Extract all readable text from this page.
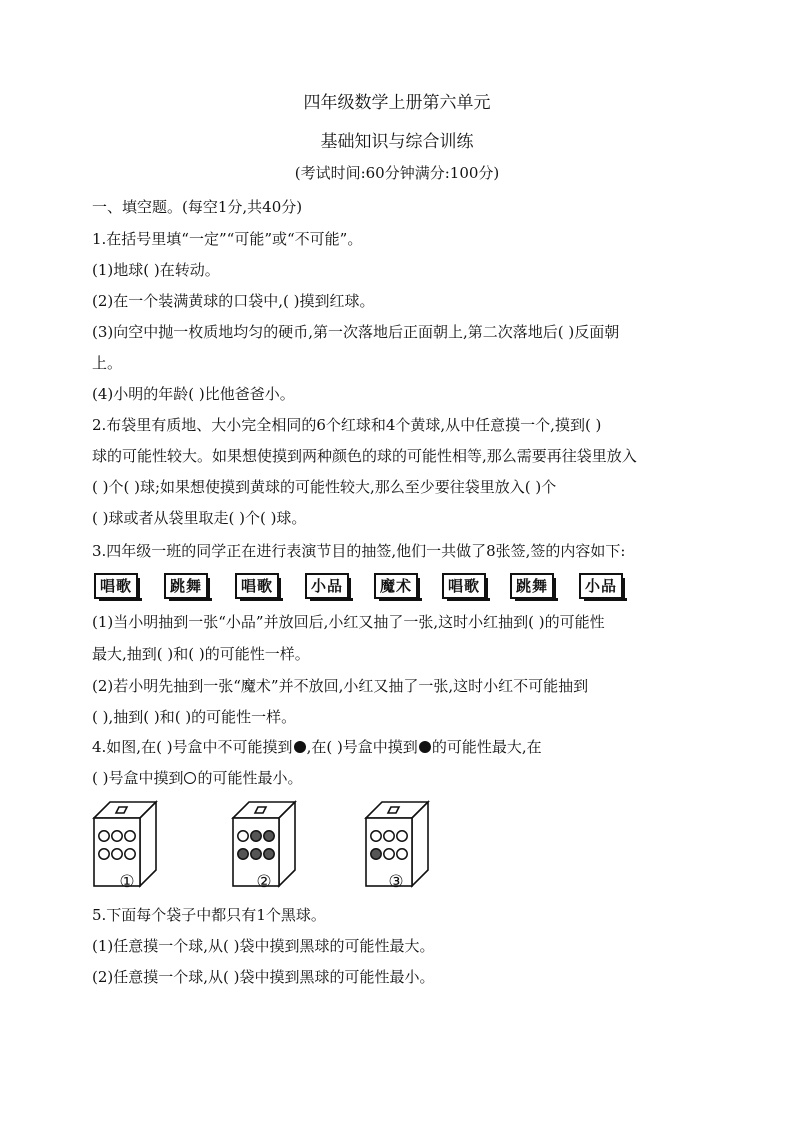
四年级数学上册第六单元
基础知识与综合训练
(考试时间:60分钟满分:100分)
一、填空题。(每空1分,共40分)
1.在括号里填“一定”“可能”或“不可能”。
(1)地球( )在转动。
(2)在一个装满黄球的口袋中,( )摸到红球。
(3)向空中抛一枚质地均匀的硬币,第一次落地后正面朝上,第二次落地后( )反面朝
上。
(4)小明的年龄( )比他爸爸小。
2.布袋里有质地、大小完全相同的6个红球和4个黄球,从中任意摸一个,摸到( )
球的可能性较大。如果想使摸到两种颜色的球的可能性相等,那么需要再往袋里放入
( )个( )球;如果想使摸到黄球的可能性较大,那么至少要往袋里放入( )个
( )球或者从袋里取走( )个( )球。
3.四年级一班的同学正在进行表演节目的抽签,他们一共做了8张签,签的内容如下:
唱歌	跳舞	唱歌	小品	魔术	唱歌	跳舞	小品
(1)当小明抽到一张“小品”并放回后,小红又抽了一张,这时小红抽到( )的可能性
最大,抽到( )和( )的可能性一样。
(2)若小明先抽到一张“魔术”并不放回,小红又抽了一张,这时小红不可能抽到
( ),抽到( )和( )的可能性一样。
4.如图,在( )号盒中不可能摸到 ,在( )号盒中摸到 的可能性最大,在
( )号盒中摸到 的可能性最小。
①	②	③
5.下面每个袋子中都只有1个黑球。
(1)任意摸一个球,从( )袋中摸到黑球的可能性最大。
(2)任意摸一个球,从( )袋中摸到黑球的可能性最小。
